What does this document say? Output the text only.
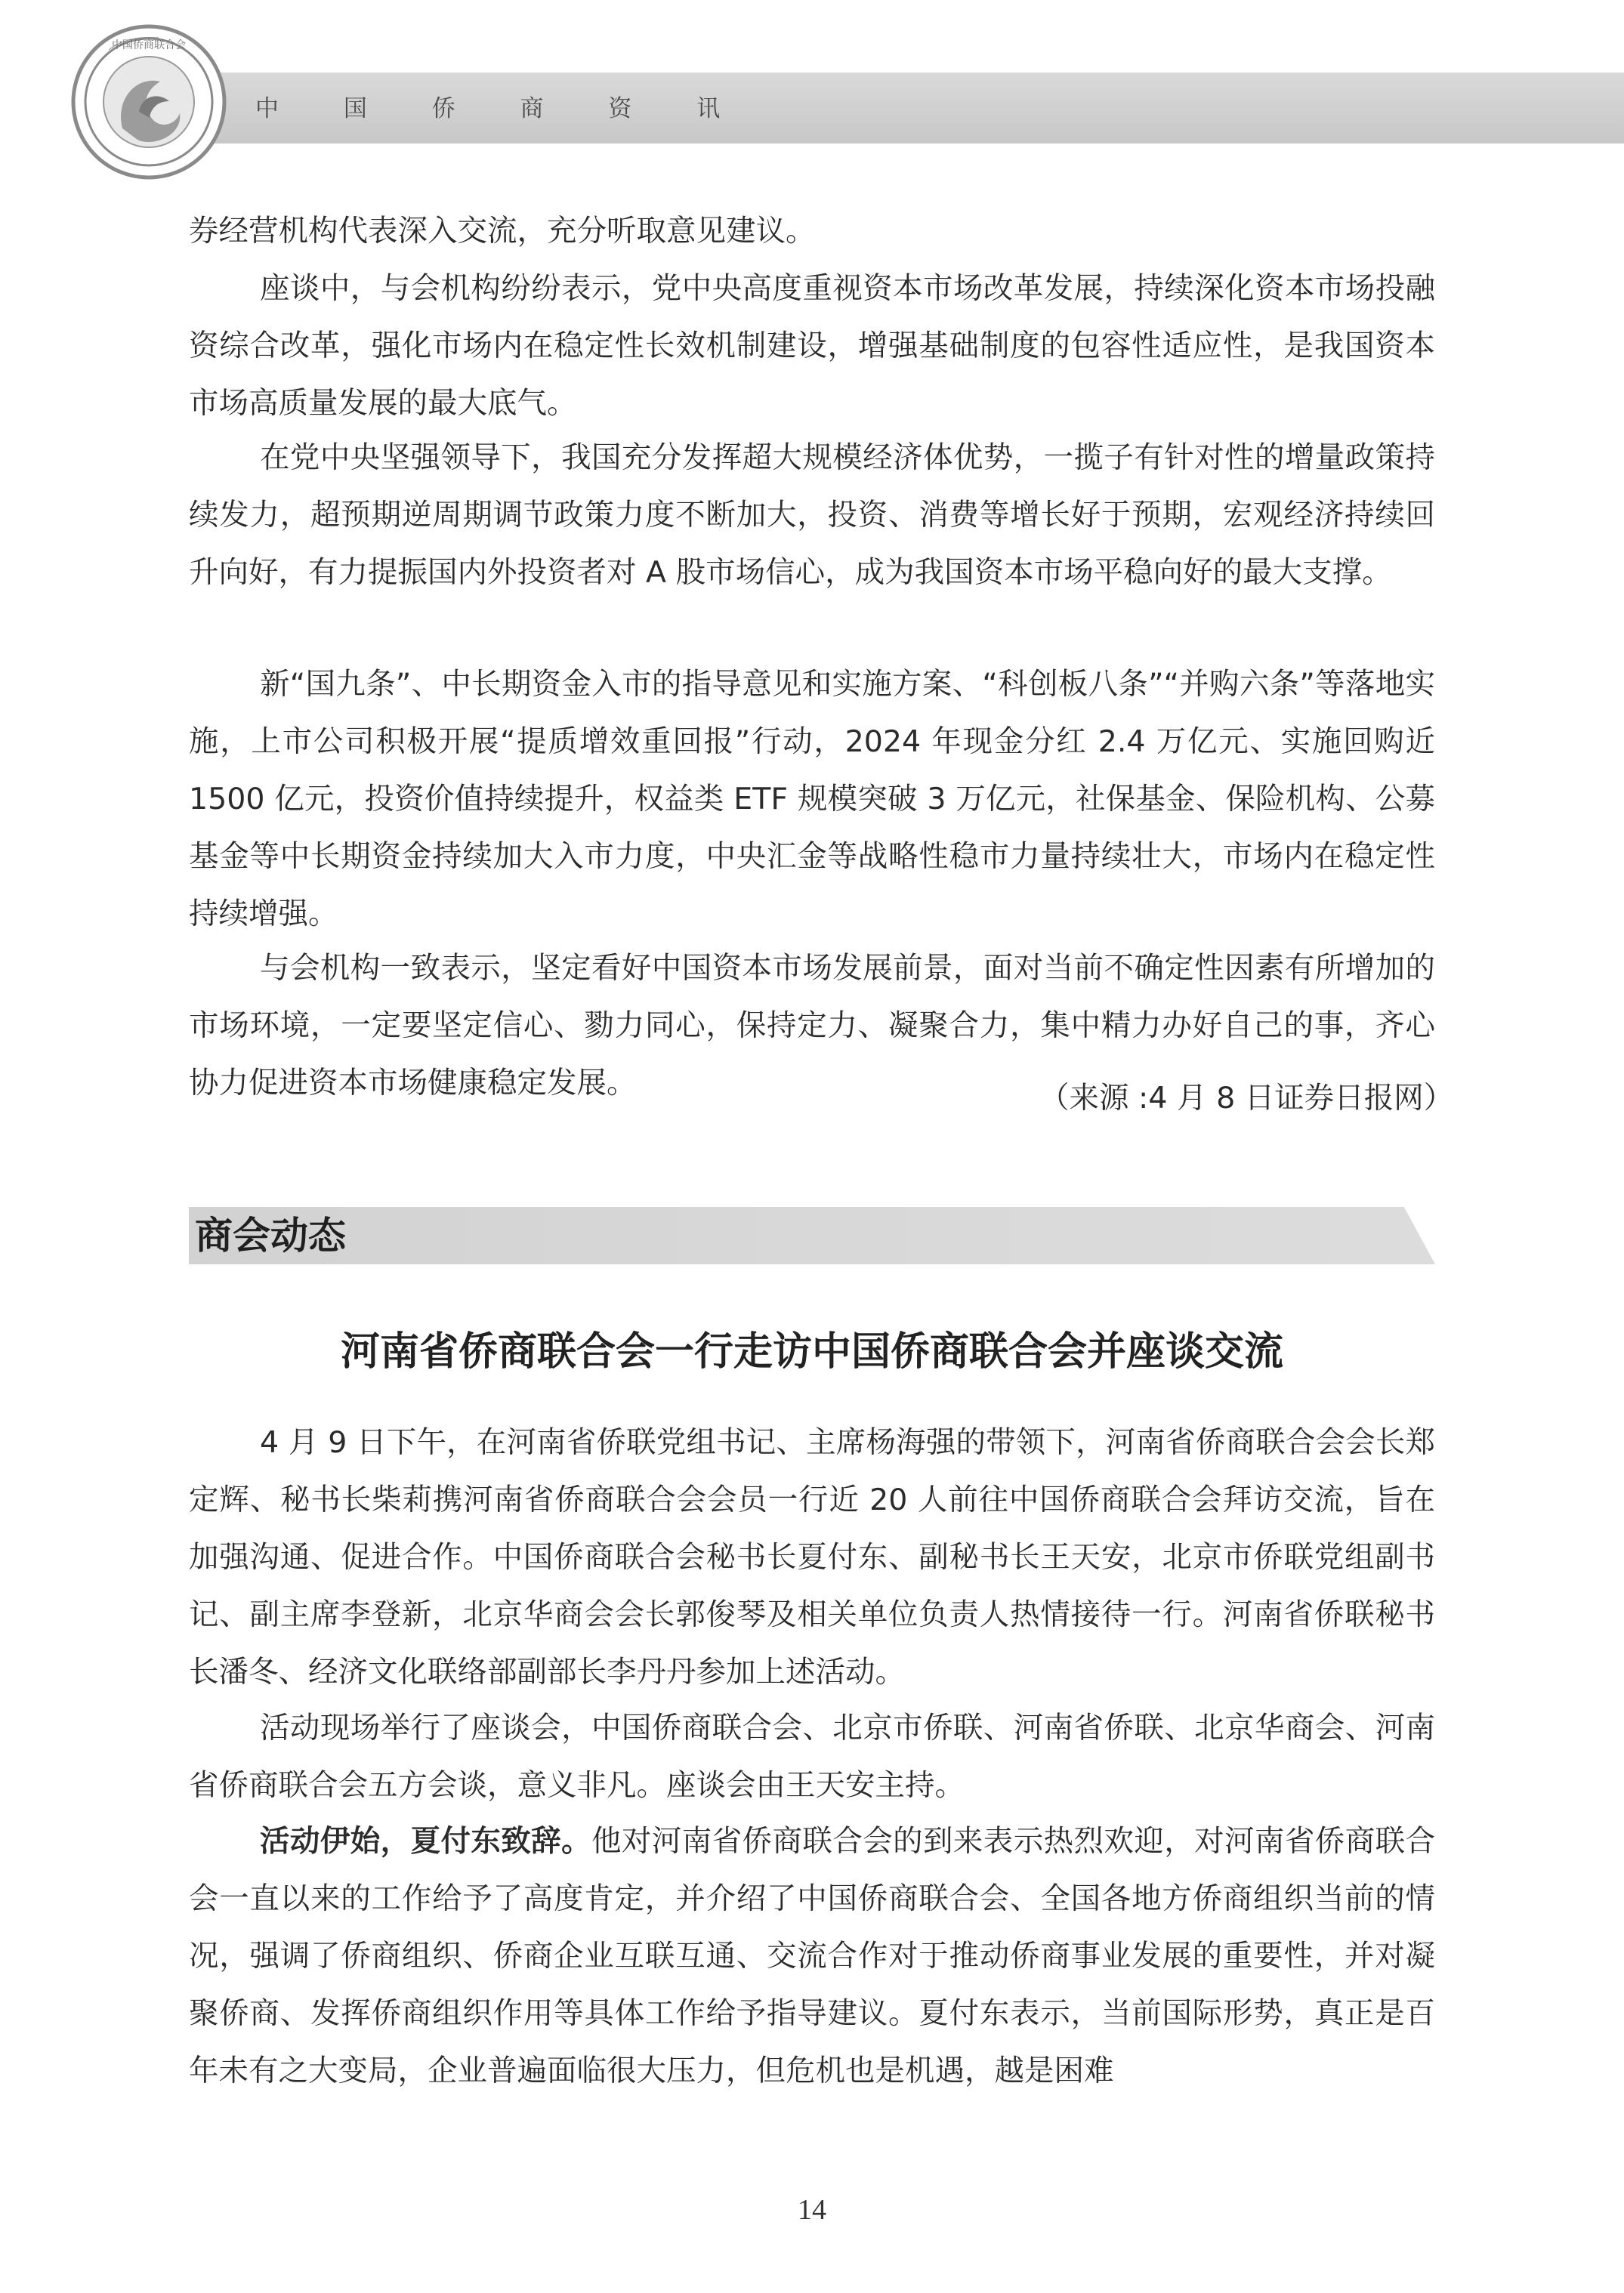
中国侨商联合会
中 国 侨 商 资 讯

券经营机构代表深入交流，充分听取意见建议。

座谈中，与会机构纷纷表示，党中央高度重视资本市场改革发展，持续深化资本市场投融资综合改革，强化市场内在稳定性长效机制建设，增强基础制度的包容性适应性，是我国资本市场高质量发展的最大底气。

在党中央坚强领导下，我国充分发挥超大规模经济体优势，一揽子有针对性的增量政策持续发力，超预期逆周期调节政策力度不断加大，投资、消费等增长好于预期，宏观经济持续回升向好，有力提振国内外投资者对 A 股市场信心，成为我国资本市场平稳向好的最大支撑。

新“国九条”、中长期资金入市的指导意见和实施方案、“科创板八条”“并购六条”等落地实施，上市公司积极开展“提质增效重回报”行动，2024 年现金分红 2.4 万亿元、实施回购近 1500 亿元，投资价值持续提升，权益类 ETF 规模突破 3 万亿元，社保基金、保险机构、公募基金等中长期资金持续加大入市力度，中央汇金等战略性稳市力量持续壮大，市场内在稳定性持续增强。

与会机构一致表示，坚定看好中国资本市场发展前景，面对当前不确定性因素有所增加的市场环境，一定要坚定信心、勠力同心，保持定力、凝聚合力，集中精力办好自己的事，齐心协力促进资本市场健康稳定发展。	（来源 :4 月 8 日证券日报网）
商会动态
河南省侨商联合会一行走访中国侨商联合会并座谈交流

4 月 9 日下午，在河南省侨联党组书记、主席杨海强的带领下，河南省侨商联合会会长郑定辉、秘书长柴莉携河南省侨商联合会会员一行近 20 人前往中国侨商联合会拜访交流，旨在加强沟通、促进合作。中国侨商联合会秘书长夏付东、副秘书长王天安，北京市侨联党组副书记、副主席李登新，北京华商会会长郭俊琴及相关单位负责人热情接待一行。河南省侨联秘书长潘冬、经济文化联络部副部长李丹丹参加上述活动。

活动现场举行了座谈会，中国侨商联合会、北京市侨联、河南省侨联、北京华商会、河南省侨商联合会五方会谈，意义非凡。座谈会由王天安主持。

活动伊始，夏付东致辞。他对河南省侨商联合会的到来表示热烈欢迎，对河南省侨商联合会一直以来的工作给予了高度肯定，并介绍了中国侨商联合会、全国各地方侨商组织当前的情况，强调了侨商组织、侨商企业互联互通、交流合作对于推动侨商事业发展的重要性，并对凝聚侨商、发挥侨商组织作用等具体工作给予指导建议。夏付东表示，当前国际形势，真正是百年未有之大变局，企业普遍面临很大压力，但危机也是机遇，越是困难

14
